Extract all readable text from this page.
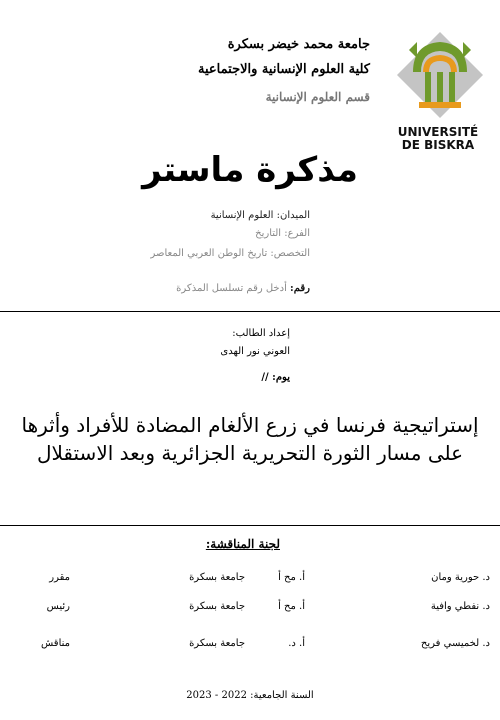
UNIVERSITÉ
DE BISKRA
جامعة محمد خيضر بسكرة
كلية العلوم الإنسانية والاجتماعية
قسم العلوم الإنسانية
مذكرة ماستر
الميدان: العلوم الإنسانية
الفرع: التاريخ
التخصص: تاريخ الوطن العربي المعاصر
رقم: أدخل رقم تسلسل المذكرة
إعداد الطالب:
العوني نور الهدى
يوم: //
إستراتيجية فرنسا في زرع الألغام المضادة للأفراد وأثرها على مسار الثورة التحريرية الجزائرية وبعد الاستقلال
لجنة المناقشة:
د. حورية ومان
أ. مح أ
جامعة بسكرة
مقرر
د. نفطي وافية
أ. مح أ
جامعة بسكرة
رئيس
د. لخميسي فريح
أ. د.
جامعة بسكرة
مناقش
السنة الجامعية: 2022 - 2023
